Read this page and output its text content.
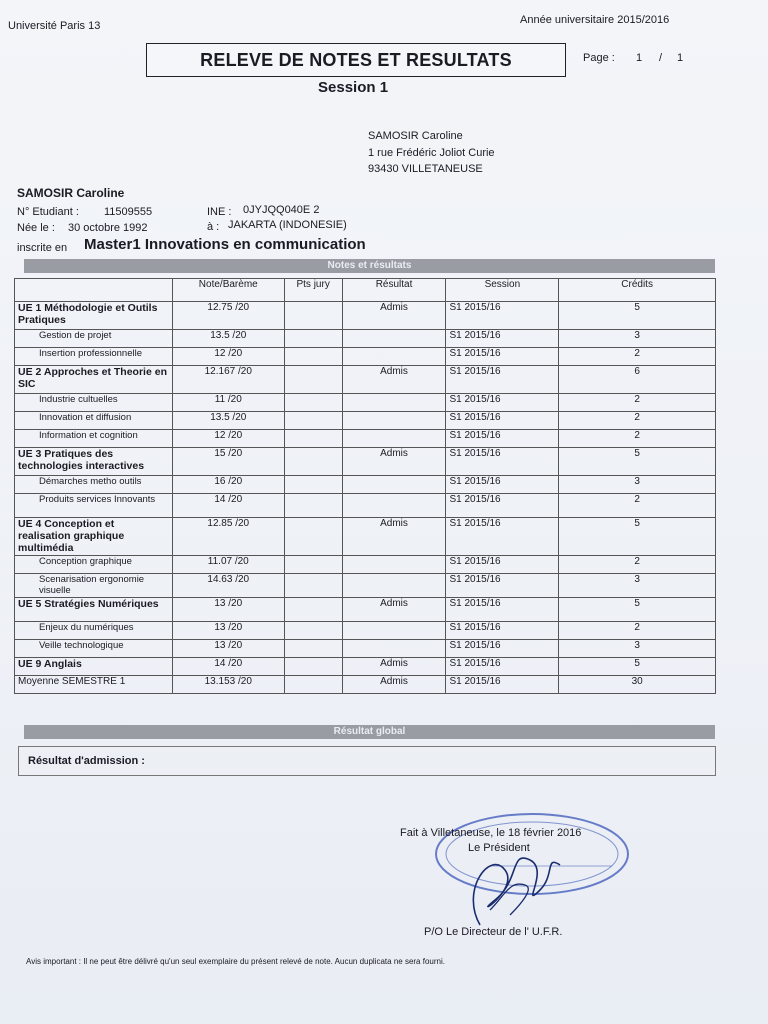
Université Paris 13	Année universitaire 2015/2016
RELEVE DE NOTES ET RESULTATS	Page : 1 / 1
Session 1
SAMOSIR Caroline
1 rue Frédéric Joliot Curie
93430 VILLETANEUSE
SAMOSIR Caroline
N° Etudiant : 11509555	INE : 0JYJQQ040E 2
Née le : 30 octobre 1992	à : JAKARTA (INDONESIE)
inscrite en Master1 Innovations en communication
Notes et résultats
	Note/Barème	Pts jury	Résultat	Session	Crédits
UE 1 Méthodologie et Outils Pratiques	12.75 /20		Admis	S1 2015/16	5
Gestion de projet	13.5 /20			S1 2015/16	3
Insertion professionnelle	12 /20			S1 2015/16	2
UE 2 Approches et Theorie en SIC	12.167 /20		Admis	S1 2015/16	6
Industrie cultuelles	11 /20			S1 2015/16	2
Innovation et diffusion	13.5 /20			S1 2015/16	2
Information et cognition	12 /20			S1 2015/16	2
UE 3 Pratiques des technologies interactives	15 /20		Admis	S1 2015/16	5
Démarches metho outils	16 /20			S1 2015/16	3
Produits services Innovants	14 /20			S1 2015/16	2
UE 4 Conception et realisation graphique multimédia	12.85 /20		Admis	S1 2015/16	5
Conception graphique	11.07 /20			S1 2015/16	2
Scenarisation ergonomie visuelle	14.63 /20			S1 2015/16	3
UE 5 Stratégies Numériques	13 /20		Admis	S1 2015/16	5
Enjeux du numériques	13 /20			S1 2015/16	2
Veille technologique	13 /20			S1 2015/16	3
UE 9 Anglais	14 /20		Admis	S1 2015/16	5
Moyenne SEMESTRE 1	13.153 /20		Admis	S1 2015/16	30
Résultat global
Résultat d'admission :
Fait à Villetaneuse, le 18 février 2016
Le Président
P/O Le Directeur de l' U.F.R.
Avis important : Il ne peut être délivré qu'un seul exemplaire du présent relevé de note. Aucun duplicata ne sera fourni.
